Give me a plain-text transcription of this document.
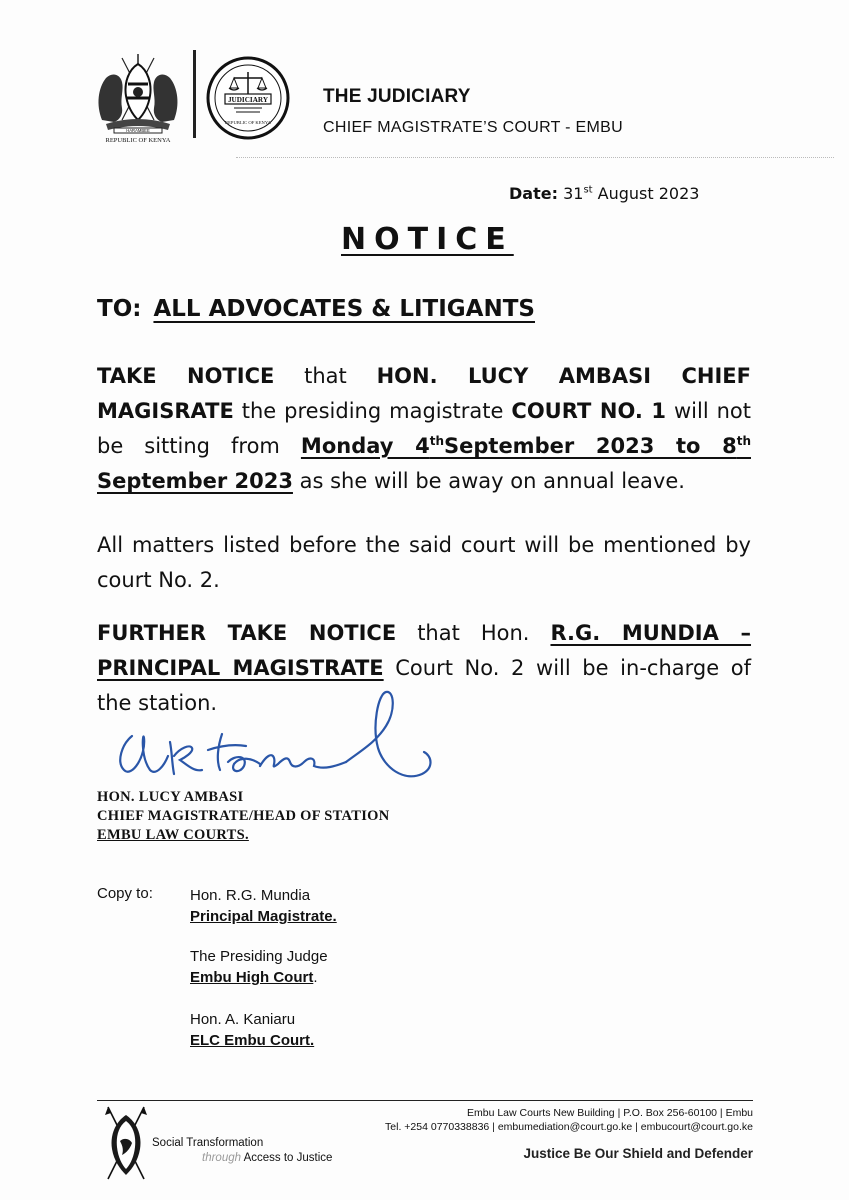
HARAMBEE
REPUBLIC OF KENYA
JUDICIARY
REPUBLIC OF KENYA
THE JUDICIARY
CHIEF MAGISTRATE’S COURT - EMBU
Date: 31st August 2023
NOTICE
TO: ALL ADVOCATES & LITIGANTS
TAKE NOTICE that HON. LUCY AMBASI CHIEF MAGISRATE the presiding magistrate COURT NO. 1 will not be sitting from Monday 4thSeptember 2023 to 8th September 2023 as she will be away on annual leave.
All matters listed before the said court will be mentioned by court No. 2.
FURTHER TAKE NOTICE that Hon. R.G. MUNDIA – PRINCIPAL MAGISTRATE Court No. 2 will be in-charge of the station.
HON. LUCY AMBASI
CHIEF MAGISTRATE/HEAD OF STATION
EMBU LAW COURTS.
Copy to: Hon. R.G. Mundia
Principal Magistrate.
The Presiding Judge
Embu High Court.
Hon. A. Kaniaru
ELC Embu Court.
Social Transformation
through Access to Justice
Embu Law Courts New Building | P.O. Box 256-60100 | Embu
Tel. +254 0770338836 | embumediation@court.go.ke | embucourt@court.go.ke
Justice Be Our Shield and Defender
